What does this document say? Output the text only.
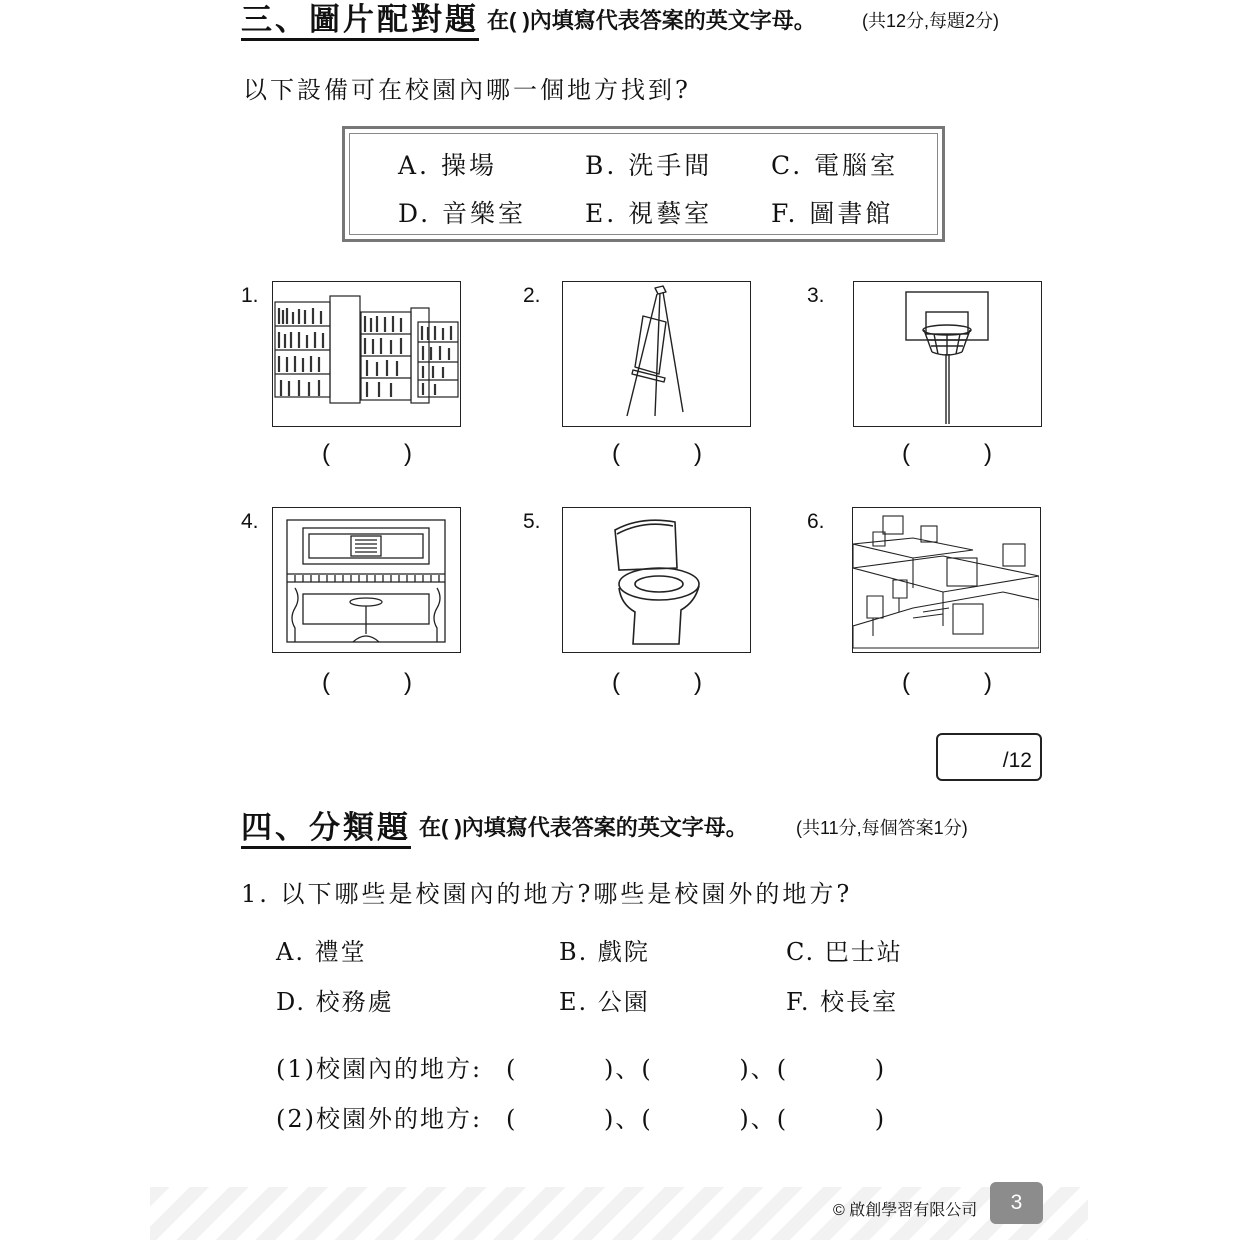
三、圖片配對題 在( )內填寫代表答案的英文字母。	(共12分,每題2分)
以下設備可在校園內哪一個地方找到?
A. 操場	B. 洗手間 C. 電腦室
D. 音樂室 E. 視藝室 F. 圖書館
1.	2.	3.
4.	5.	6.
(	)	(	)	(	)
(	)	(	)	(	)
/12
四、分類題 在( )內填寫代表答案的英文字母。	(共11分,每個答案1分)
1. 以下哪些是校園內的地方?哪些是校園外的地方?
A. 禮堂	B. 戲院	C. 巴士站
D. 校務處	E. 公園	F. 校長室
(1)校園內的地方: (         )、(         )、(         )
(2)校園外的地方: (         )、(         )、(         )
© 啟創學習有限公司	3
